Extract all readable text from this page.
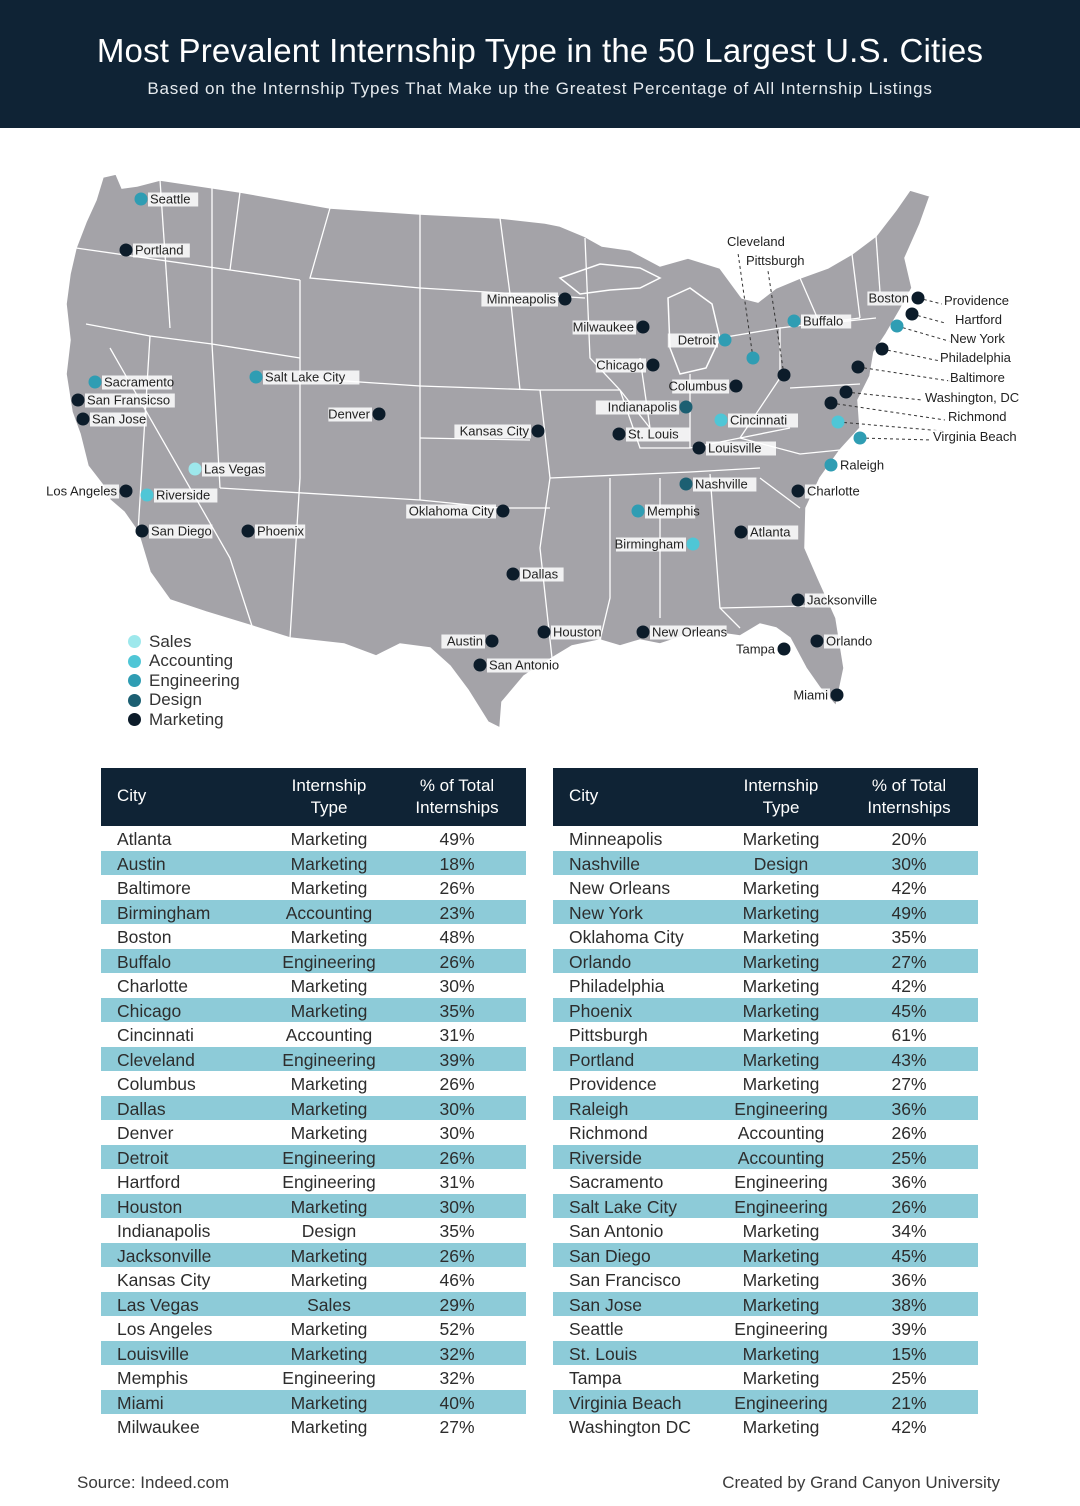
Most Prevalent Internship Type in the 50 Largest U.S. Cities
Based on the Internship Types That Make up the Greatest Percentage of All Internship Listings
Seattle
Portland
Sacramento
San Fransicso
San Jose
Salt Lake City
Denver
Las Vegas
Los Angeles	Riverside
San Diego	Phoenix
Minneapolis
Milwaukee
Chicago
Detroit
Columbus
Indianapolis
Cincinnati
St. Louis
Louisville
Kansas City
Oklahoma City
Nashville
Memphis
Birmingham
Atlanta
Charlotte
Raleigh
Dallas
Austin
San Antonio
Houston	New Orleans
Tampa
Jacksonville
Orlando
Miami
Buffalo
Cleveland
Pittsburgh
Boston	Providence
Hartford
New York
Philadelphia
Baltimore
Washington, DC
Richmond
Virginia Beach
Sales
Accounting
Engineering
Design
Marketing
City
Internship
Type
% of Total
Internships
Atlanta	Marketing	49%
Austin	Marketing	18%
Baltimore	Marketing	26%
Birmingham	Accounting	23%
Boston	Marketing	48%
Buffalo	Engineering	26%
Charlotte	Marketing	30%
Chicago	Marketing	35%
Cincinnati	Accounting	31%
Cleveland	Engineering	39%
Columbus	Marketing	26%
Dallas	Marketing	30%
Denver	Marketing	30%
Detroit	Engineering	26%
Hartford	Engineering	31%
Houston	Marketing	30%
Indianapolis	Design	35%
Jacksonville	Marketing	26%
Kansas City	Marketing	46%
Las Vegas	Sales	29%
Los Angeles	Marketing	52%
Louisville	Marketing	32%
Memphis	Engineering	32%
Miami	Marketing	40%
Milwaukee	Marketing	27%
City
Internship
Type
% of Total
Internships
Minneapolis	Marketing	20%
Nashville	Design	30%
New Orleans	Marketing	42%
New York	Marketing	49%
Oklahoma City	Marketing	35%
Orlando	Marketing	27%
Philadelphia	Marketing	42%
Phoenix	Marketing	45%
Pittsburgh	Marketing	61%
Portland	Marketing	43%
Providence	Marketing	27%
Raleigh	Engineering	36%
Richmond	Accounting	26%
Riverside	Accounting	25%
Sacramento	Engineering	36%
Salt Lake City	Engineering	26%
San Antonio	Marketing	34%
San Diego	Marketing	45%
San Francisco	Marketing	36%
San Jose	Marketing	38%
Seattle	Engineering	39%
St. Louis	Marketing	15%
Tampa	Marketing	25%
Virginia Beach	Engineering	21%
Washington DC	Marketing	42%
Source: Indeed.com	Created by Grand Canyon University
